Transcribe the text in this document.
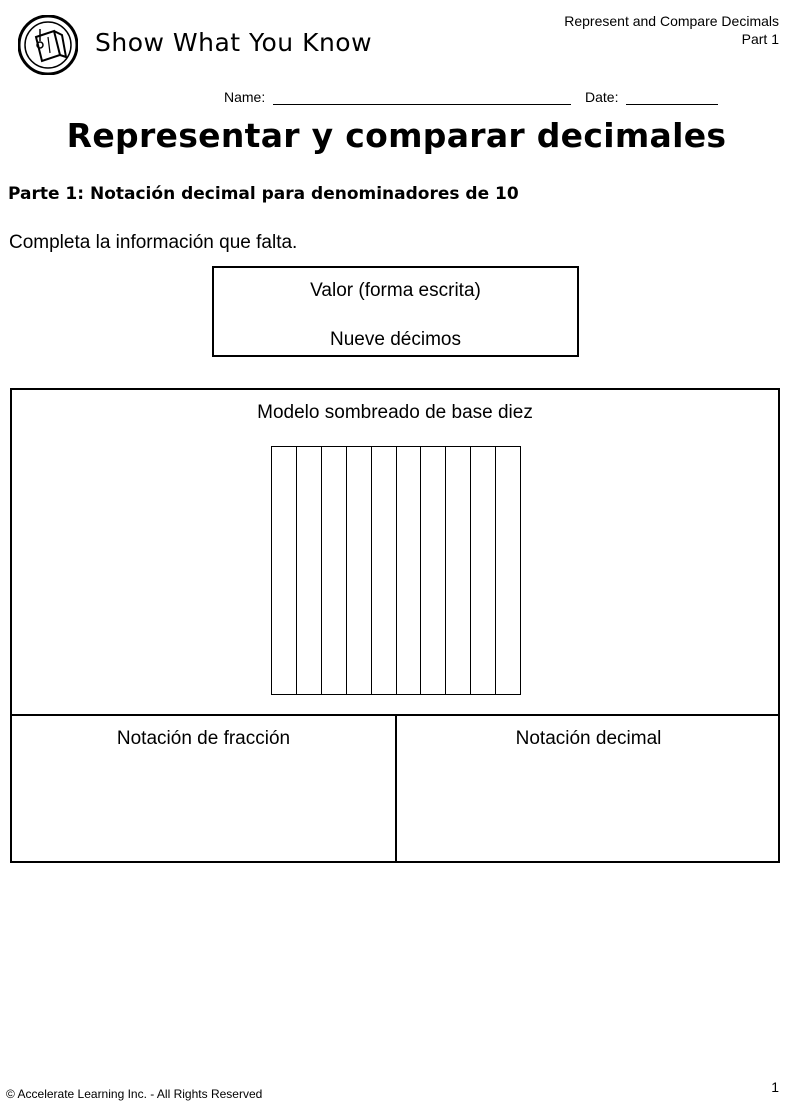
Show What You Know
Represent and Compare Decimals
Part 1
Name:	Date:
Representar y comparar decimales
Parte 1: Notación decimal para denominadores de 10
Completa la información que falta.
Valor (forma escrita)
Nueve décimos
Modelo sombreado de base diez
Notación de fracción	Notación decimal
© Accelerate Learning Inc. - All Rights Reserved	1
